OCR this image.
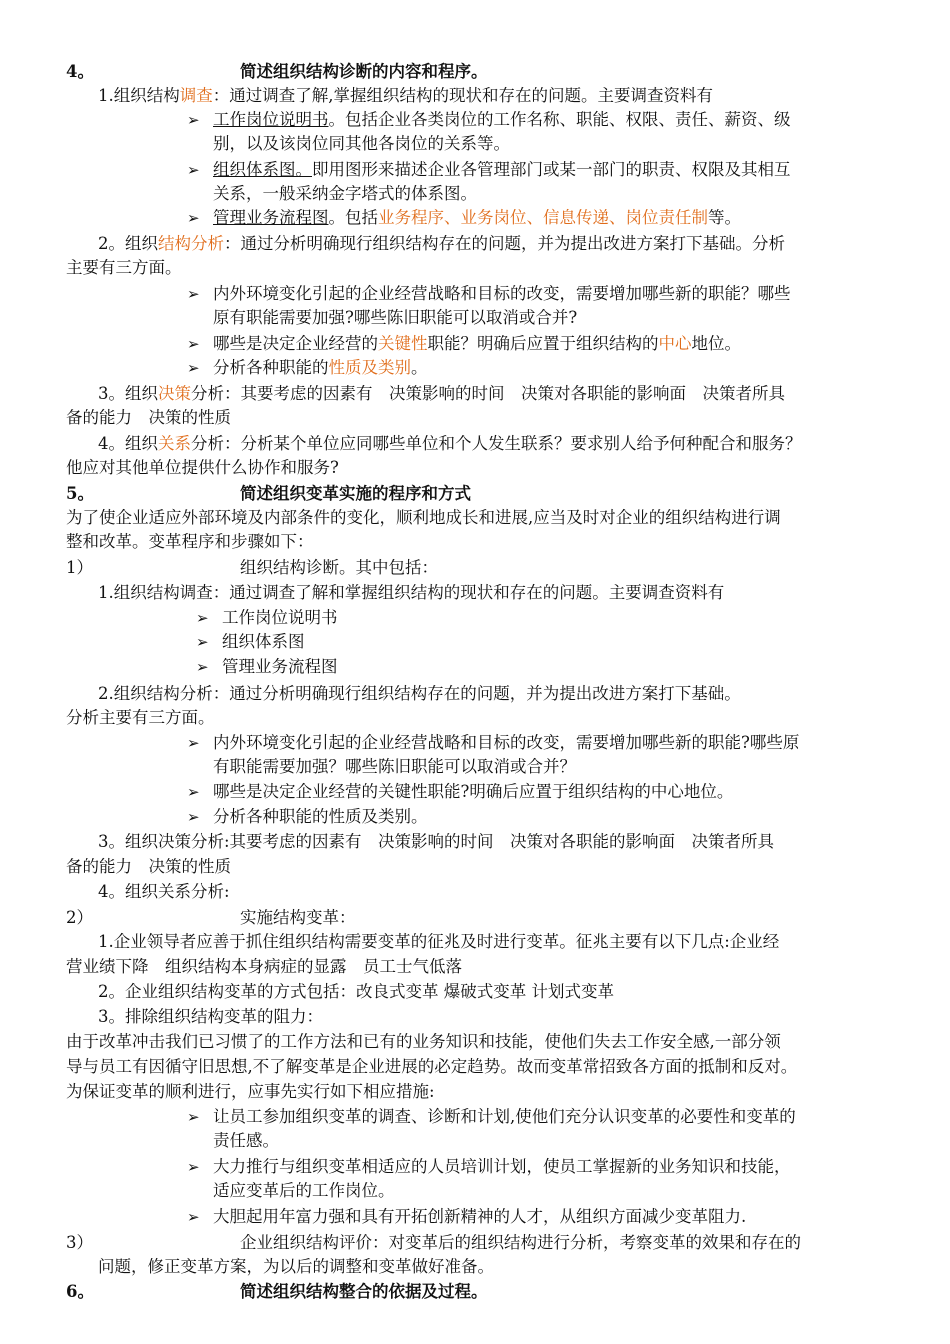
4。	简述组织结构诊断的内容和程序。
1.组织结构调查：通过调查了解,掌握组织结构的现状和存在的问题。主要调查资料有
➢ 工作岗位说明书。包括企业各类岗位的工作名称、职能、权限、责任、薪资、级
别，以及该岗位同其他各岗位的关系等。
➢ 组织体系图。即用图形来描述企业各管理部门或某一部门的职责、权限及其相互
关系，一般采纳金字塔式的体系图。
➢ 管理业务流程图。包括业务程序、业务岗位、信息传递、岗位责任制等。
2。组织结构分析：通过分析明确现行组织结构存在的问题，并为提出改进方案打下基础。分析
主要有三方面。
➢ 内外环境变化引起的企业经营战略和目标的改变，需要增加哪些新的职能？哪些
原有职能需要加强?哪些陈旧职能可以取消或合并?
➢ 哪些是决定企业经营的关键性职能？明确后应置于组织结构的中心地位。
➢ 分析各种职能的性质及类别。
3。组织决策分析：其要考虑的因素有　决策影响的时间　决策对各职能的影响面　决策者所具
备的能力　决策的性质
4。组织关系分析：分析某个单位应同哪些单位和个人发生联系？要求别人给予何种配合和服务？
他应对其他单位提供什么协作和服务?
5。	简述组织变革实施的程序和方式
为了使企业适应外部环境及内部条件的变化，顺利地成长和进展,应当及时对企业的组织结构进行调
整和改革。变革程序和步骤如下：
1）	组织结构诊断。其中包括：
1.组织结构调查：通过调查了解和掌握组织结构的现状和存在的问题。主要调查资料有
➢ 工作岗位说明书
➢ 组织体系图
➢ 管理业务流程图
2.组织结构分析：通过分析明确现行组织结构存在的问题，并为提出改进方案打下基础。
分析主要有三方面。
➢ 内外环境变化引起的企业经营战略和目标的改变，需要增加哪些新的职能?哪些原
有职能需要加强？哪些陈旧职能可以取消或合并？
➢ 哪些是决定企业经营的关键性职能?明确后应置于组织结构的中心地位。
➢ 分析各种职能的性质及类别。
3。组织决策分析:其要考虑的因素有　决策影响的时间　决策对各职能的影响面　决策者所具
备的能力　决策的性质
4。组织关系分析:
2）	实施结构变革：
1.企业领导者应善于抓住组织结构需要变革的征兆及时进行变革。征兆主要有以下几点:企业经
营业绩下降　组织结构本身病症的显露　员工士气低落
2。企业组织结构变革的方式包括：改良式变革 爆破式变革 计划式变革
3。排除组织结构变革的阻力：
由于改革冲击我们已习惯了的工作方法和已有的业务知识和技能，使他们失去工作安全感,一部分领
导与员工有因循守旧思想,不了解变革是企业进展的必定趋势。故而变革常招致各方面的抵制和反对。
为保证变革的顺利进行，应事先实行如下相应措施:
➢ 让员工参加组织变革的调查、诊断和计划,使他们充分认识变革的必要性和变革的
责任感。
➢ 大力推行与组织变革相适应的人员培训计划，使员工掌握新的业务知识和技能，
适应变革后的工作岗位。
➢ 大胆起用年富力强和具有开拓创新精神的人才，从组织方面减少变革阻力.
3）	企业组织结构评价：对变革后的组织结构进行分析，考察变革的效果和存在的
问题，修正变革方案，为以后的调整和变革做好准备。
6。	简述组织结构整合的依据及过程。
